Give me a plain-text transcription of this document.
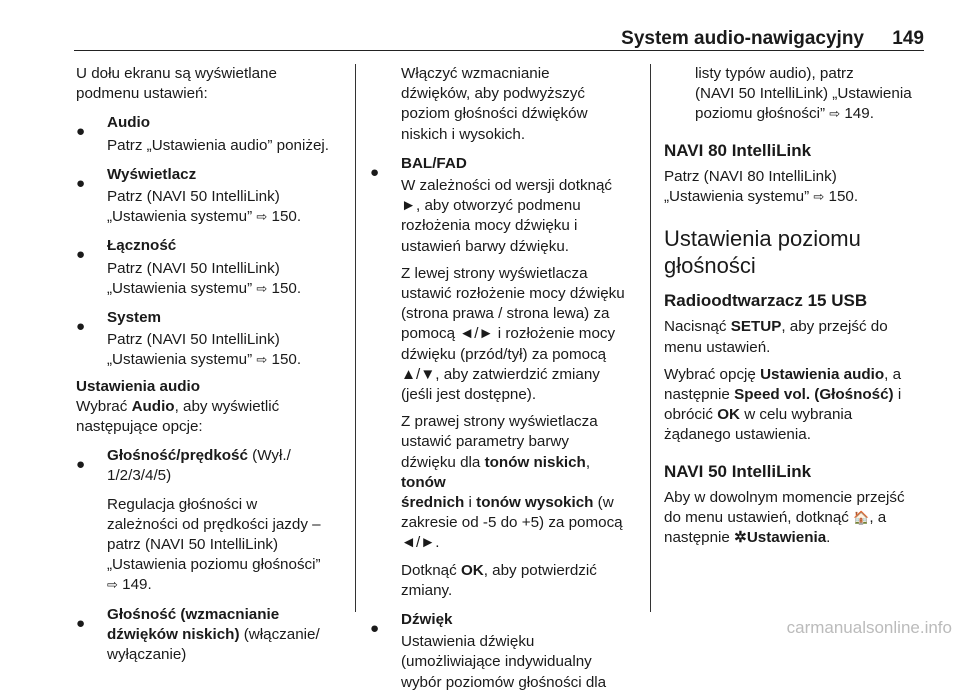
System audio-nawigacyjny 149

U dołu ekranu są wyświetlane

podmenu ustawień:

●

Audio

Patrz „Ustawienia audio” poniżej.

●

Wyświetlacz

Patrz (NAVI 50 IntelliLink)

„Ustawienia systemu” ⇨ 150.

●

Łączność

Patrz (NAVI 50 IntelliLink)

„Ustawienia systemu” ⇨ 150.

●

System

Patrz (NAVI 50 IntelliLink)

„Ustawienia systemu” ⇨ 150.

Ustawienia audio

Wybrać Audio, aby wyświetlić

następujące opcje:

●

Głośność/prędkość (Wył./

1/2/3/4/5)

Regulacja głośności w

zależności od prędkości jazdy –

patrz (NAVI 50 IntelliLink)

„Ustawienia poziomu głośności”

⇨ 149.

●

Głośność (wzmacnianie

dźwięków niskich) (włączanie/

wyłączanie)

Włączyć wzmacnianie

dźwięków, aby podwyższyć

poziom głośności dźwięków

niskich i wysokich.

●

BAL/FAD

W zależności od wersji dotknąć

►, aby otworzyć podmenu

rozłożenia mocy dźwięku i

ustawień barwy dźwięku.

Z lewej strony wyświetlacza

ustawić rozłożenie mocy dźwięku

(strona prawa / strona lewa) za

pomocą ◄/► i rozłożenie mocy

dźwięku (przód/tył) za pomocą

▲/▼, aby zatwierdzić zmiany

(jeśli jest dostępne).

Z prawej strony wyświetlacza

ustawić parametry barwy

dźwięku dla tonów niskich, tonów

średnich i tonów wysokich (w

zakresie od -5 do +5) za pomocą

◄/►.

Dotknąć OK, aby potwierdzić

zmiany.

●

Dźwięk

Ustawienia dźwięku

(umożliwiające indywidualny

wybór poziomów głośności dla

listy typów audio), patrz

(NAVI 50 IntelliLink) „Ustawienia

poziomu głośności” ⇨ 149.

NAVI 80 IntelliLink

Patrz (NAVI 80 IntelliLink)

„Ustawienia systemu” ⇨ 150.

Ustawienia poziomu

głośności

Radioodtwarzacz 15 USB

Nacisnąć SETUP, aby przejść do

menu ustawień.

Wybrać opcję Ustawienia audio, a

następnie Speed vol. (Głośność) i

obrócić OK w celu wybrania

żądanego ustawienia.

NAVI 50 IntelliLink

Aby w dowolnym momencie przejść

do menu ustawień, dotknąć 🏠, a

następnie ✲Ustawienia.

carmanualsonline.info
